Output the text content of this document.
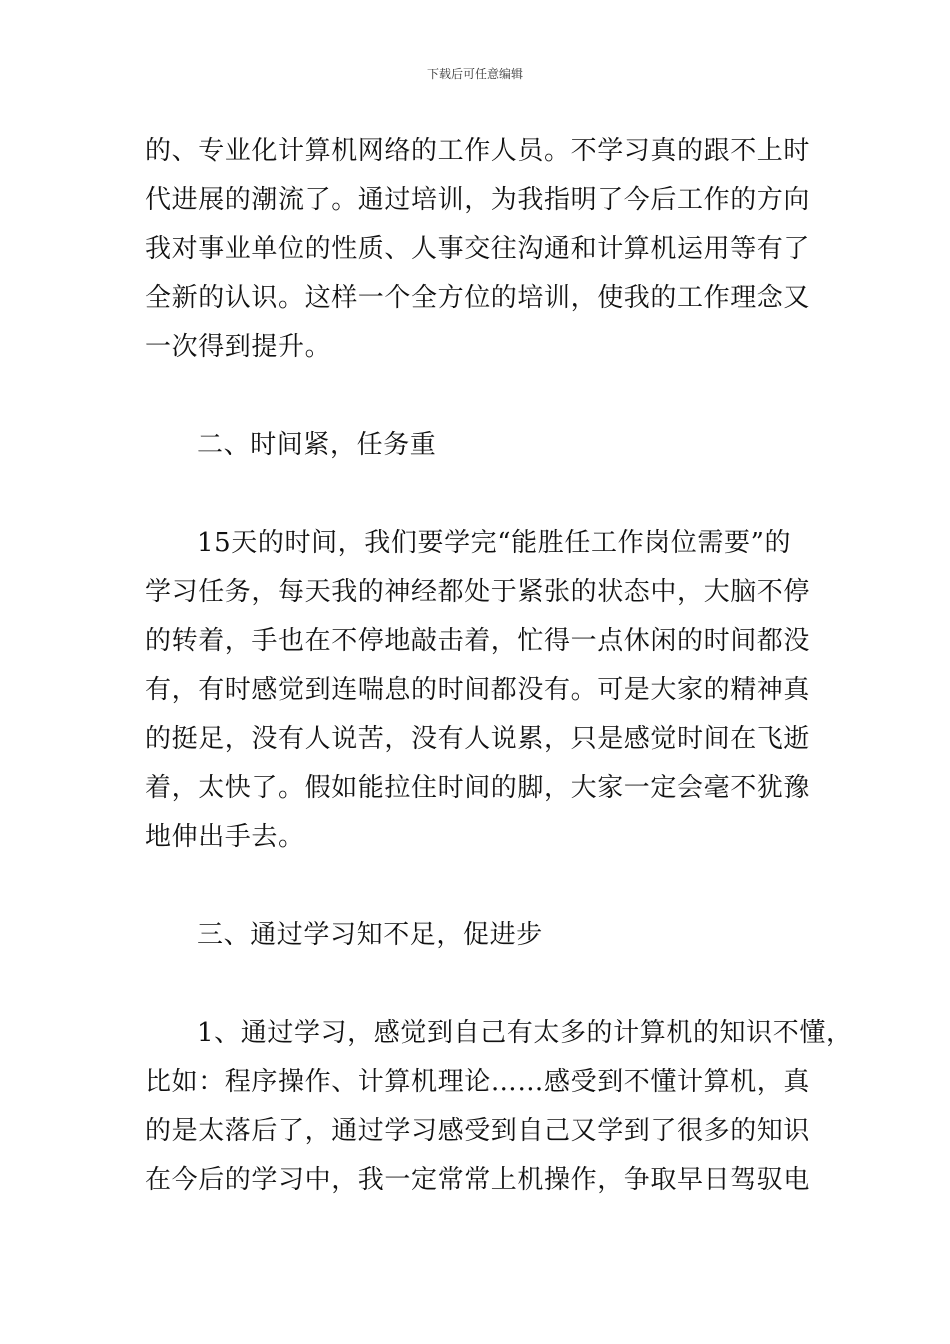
下载后可任意编辑
的、专业化计算机网络的工作人员。不学习真的跟不上时
代进展的潮流了。通过培训，为我指明了今后工作的方向
我对事业单位的性质、人事交往沟通和计算机运用等有了
全新的认识。这样一个全方位的培训，使我的工作理念又
一次得到提升。
二、时间紧，任务重
15天的时间，我们要学完“能胜任工作岗位需要”的
学习任务，每天我的神经都处于紧张的状态中，大脑不停
的转着，手也在不停地敲击着，忙得一点休闲的时间都没
有，有时感觉到连喘息的时间都没有。可是大家的精神真
的挺足，没有人说苦，没有人说累，只是感觉时间在飞逝
着，太快了。假如能拉住时间的脚，大家一定会毫不犹豫
地伸出手去。
三、通过学习知不足，促进步
1、通过学习，感觉到自己有太多的计算机的知识不懂，
比如：程序操作、计算机理论……感受到不懂计算机，真
的是太落后了，通过学习感受到自己又学到了很多的知识
在今后的学习中，我一定常常上机操作，争取早日驾驭电
